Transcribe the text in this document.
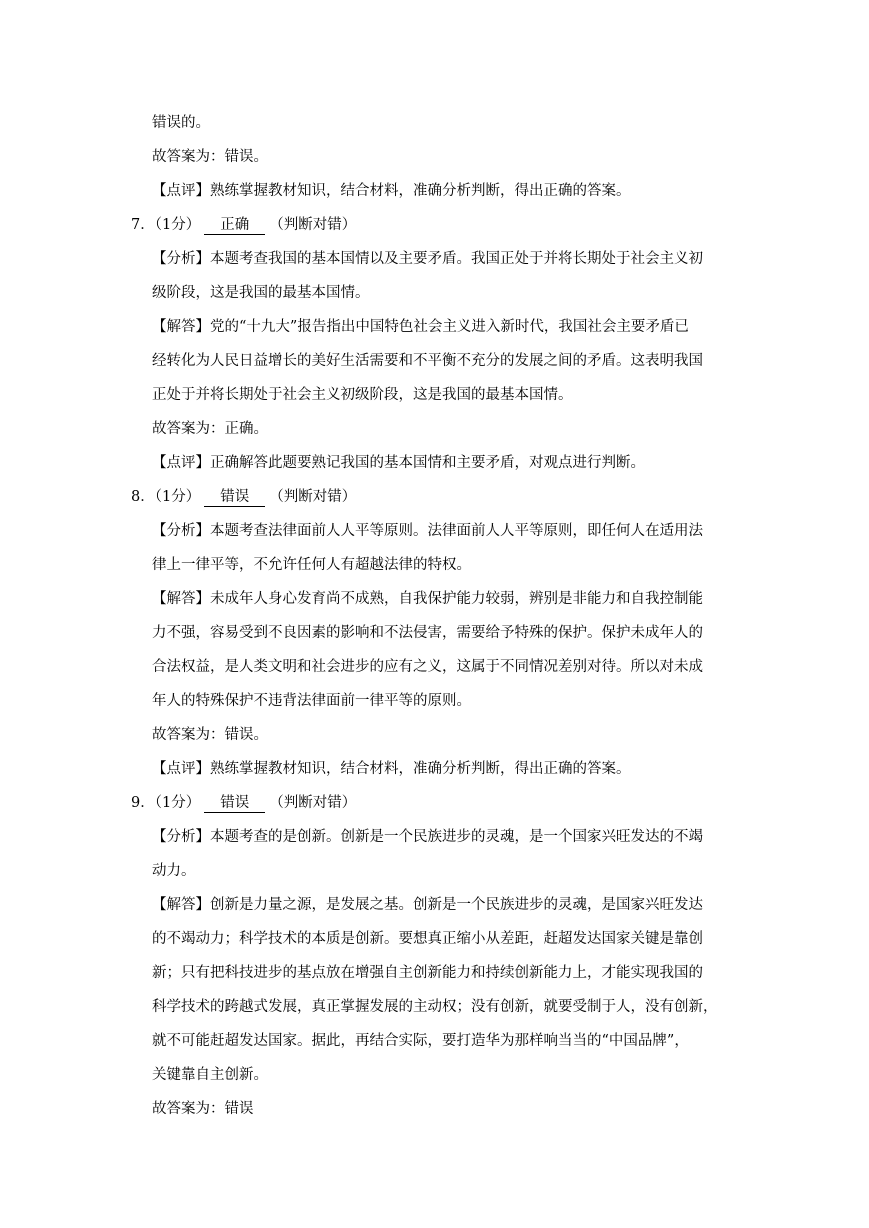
错误的。
故答案为：错误。
【点评】熟练掌握教材知识，结合材料，准确分析判断，得出正确的答案。
7．（1分） 正确 （判断对错）
【分析】本题考查我国的基本国情以及主要矛盾。我国正处于并将长期处于社会主义初
级阶段，这是我国的最基本国情。
【解答】党的“十九大”报告指出中国特色社会主义进入新时代，我国社会主要矛盾已
经转化为人民日益增长的美好生活需要和不平衡不充分的发展之间的矛盾。这表明我国
正处于并将长期处于社会主义初级阶段，这是我国的最基本国情。
故答案为：正确。
【点评】正确解答此题要熟记我国的基本国情和主要矛盾，对观点进行判断。
8．（1分） 错误 （判断对错）
【分析】本题考查法律面前人人平等原则。法律面前人人平等原则，即任何人在适用法
律上一律平等，不允许任何人有超越法律的特权。
【解答】未成年人身心发育尚不成熟，自我保护能力较弱，辨别是非能力和自我控制能
力不强，容易受到不良因素的影响和不法侵害，需要给予特殊的保护。保护未成年人的
合法权益，是人类文明和社会进步的应有之义，这属于不同情况差别对待。所以对未成
年人的特殊保护不违背法律面前一律平等的原则。
故答案为：错误。
【点评】熟练掌握教材知识，结合材料，准确分析判断，得出正确的答案。
9．（1分） 错误 （判断对错）
【分析】本题考查的是创新。创新是一个民族进步的灵魂，是一个国家兴旺发达的不竭
动力。
【解答】创新是力量之源，是发展之基。创新是一个民族进步的灵魂，是国家兴旺发达
的不竭动力；科学技术的本质是创新。要想真正缩小从差距，赶超发达国家关键是靠创
新；只有把科技进步的基点放在增强自主创新能力和持续创新能力上，才能实现我国的
科学技术的跨越式发展，真正掌握发展的主动权；没有创新，就要受制于人，没有创新，
就不可能赶超发达国家。据此，再结合实际，要打造华为那样响当当的“中国品牌”，
关键靠自主创新。
故答案为：错误
